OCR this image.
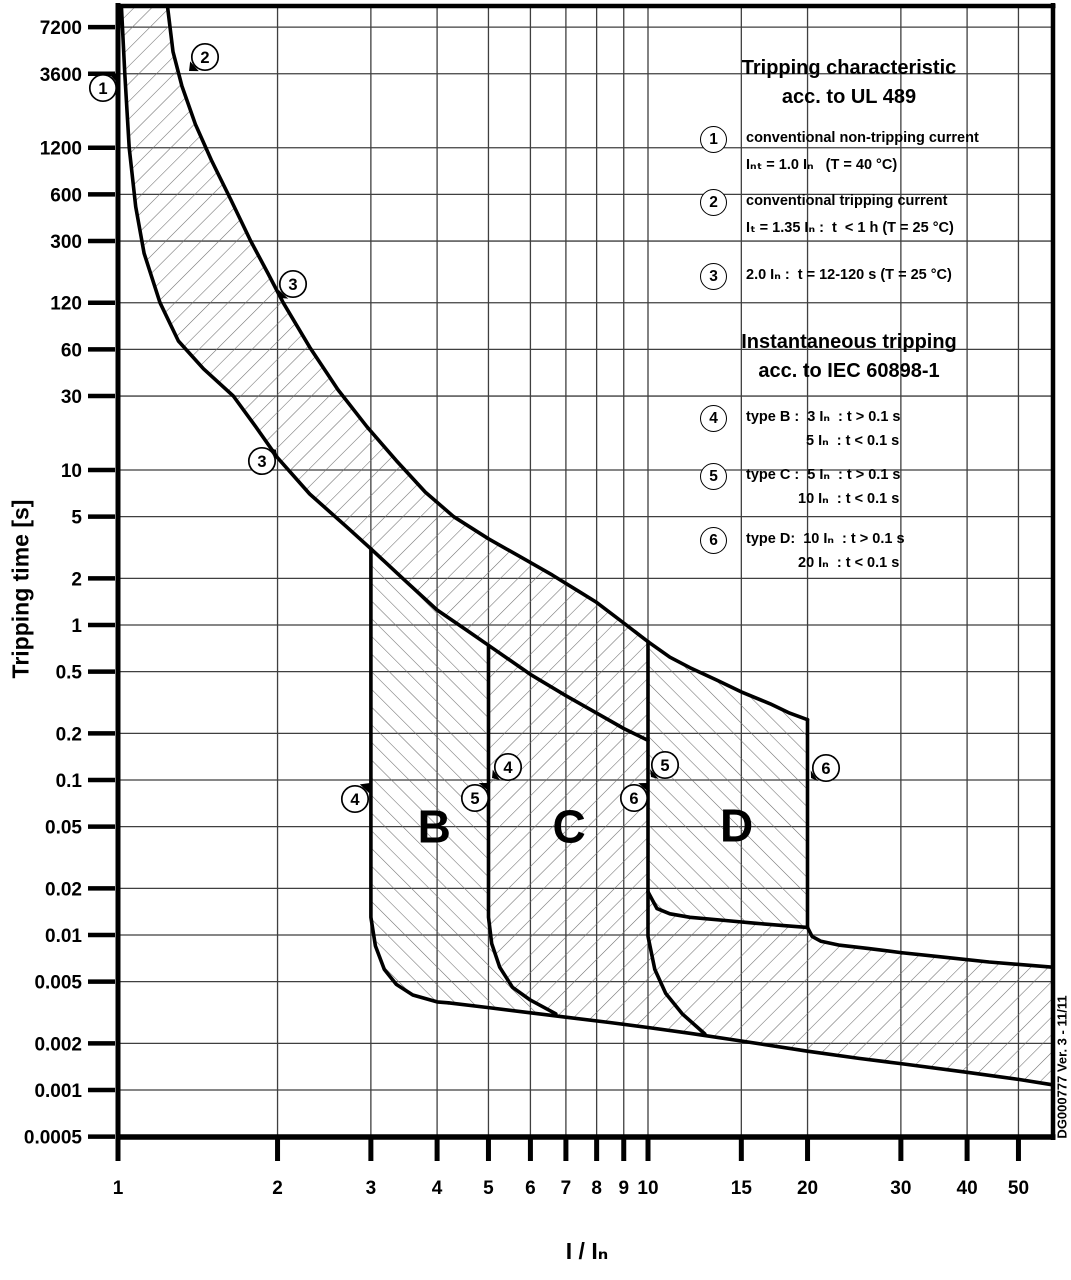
7200
3600
1200
600
300
120
60
30
10
5
2
1
0.5
0.2
0.1
0.05
0.02
0.01
0.005
0.002
0.001
0.0005
1	2	3	4 5 6 7 8 9 10	15 20	30 40 50
B C	D
1
2
3
3
4	5	6
4	5	6
Tripping time [s]
I / Iₙ
DG000777 Ver. 3 - 11/11
Tripping characteristic
acc. to UL 489
1	conventional non-tripping current
Iₙₜ = 1.0 Iₙ   (T = 40 °C)
2	conventional tripping current
Iₜ = 1.35 Iₙ :  t  < 1 h (T = 25 °C)
3	2.0 Iₙ :  t = 12-120 s (T = 25 °C)
Instantaneous tripping
acc. to IEC 60898-1
4	type B :  3 Iₙ  : t > 0.1 s
5 Iₙ  : t < 0.1 s
5	type C :  5 Iₙ  : t > 0.1 s
10 Iₙ  : t < 0.1 s
6	type D:  10 Iₙ  : t > 0.1 s
20 Iₙ  : t < 0.1 s
